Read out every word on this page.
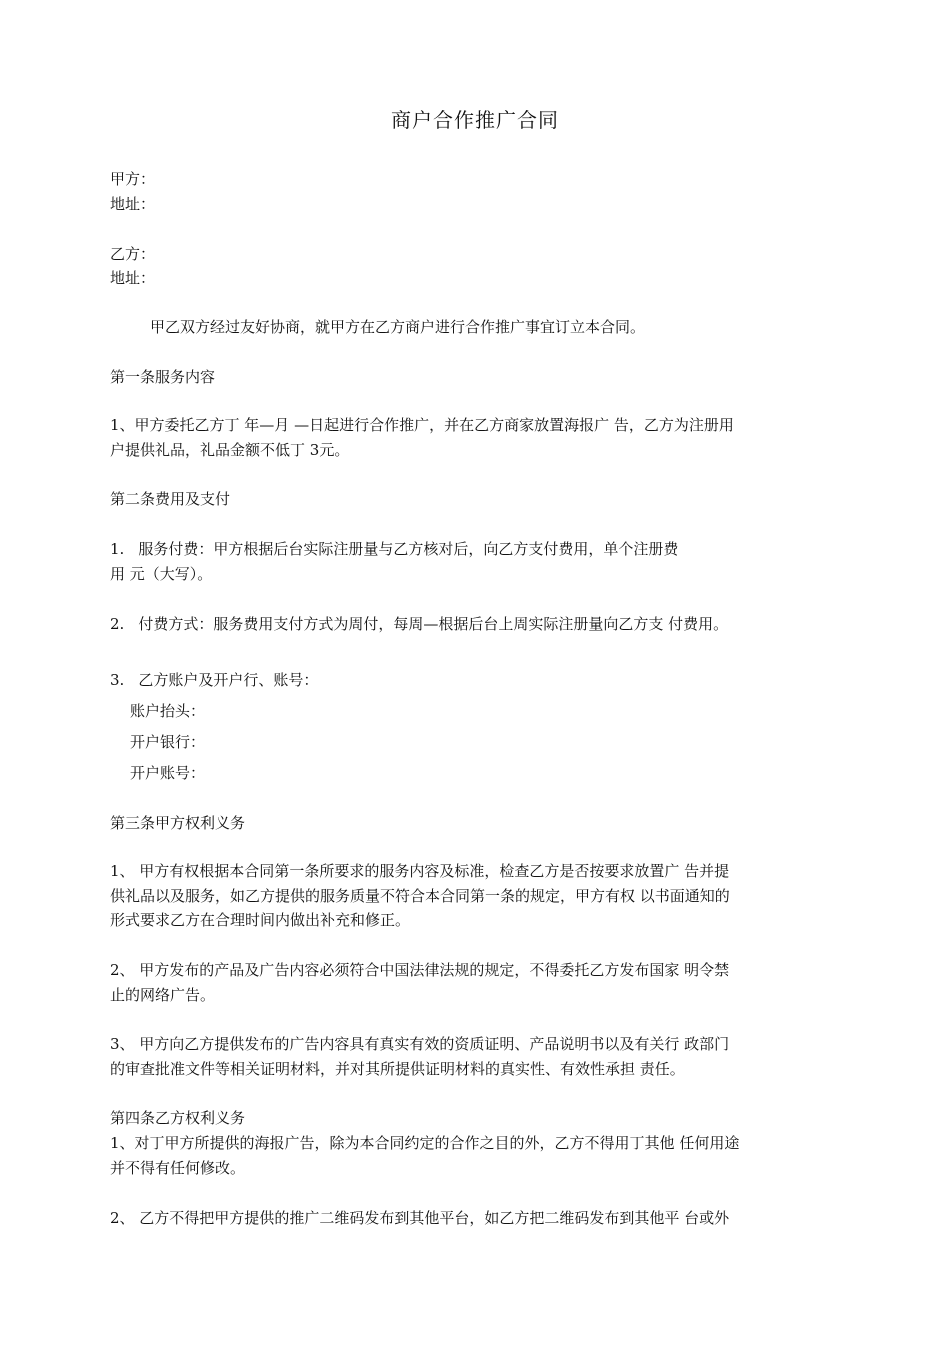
商户合作推广合同
甲方：
地址：
乙方：
地址：
甲乙双方经过友好协商，就甲方在乙方商户进行合作推广事宜订立本合同。
第一条服务内容
1、甲方委托乙方丁 年—月 —日起进行合作推广，并在乙方商家放置海报广 告，乙方为注册用
户提供礼品，礼品金额不低丁 3元。
第二条费用及支付
1. 服务付费：甲方根据后台实际注册量与乙方核对后，向乙方支付费用，单个注册费
用 元（大写）。
2. 付费方式：服务费用支付方式为周付，每周—根据后台上周实际注册量向乙方支 付费用。
3. 乙方账户及开户行、账号：
账户抬头：
开户银行：
开户账号：
第三条甲方权利义务
1、 甲方有权根据本合同第一条所要求的服务内容及标准，检查乙方是否按要求放置广 告并提
供礼品以及服务，如乙方提供的服务质量不符合本合同第一条的规定，甲方有权 以书面通知的
形式要求乙方在合理时间内做出补充和修正。
2、 甲方发布的产品及广告内容必须符合中国法律法规的规定，不得委托乙方发布国家 明令禁
止的网络广告。
3、 甲方向乙方提供发布的广告内容具有真实有效的资质证明、产品说明书以及有关行 政部门
的审查批准文件等相关证明材料，并对其所提供证明材料的真实性、有效性承担 责任。
第四条乙方权利义务
1、对丁甲方所提供的海报广告，除为本合同约定的合作之目的外，乙方不得用丁其他 任何用途
并不得有任何修改。
2、 乙方不得把甲方提供的推广二维码发布到其他平台，如乙方把二维码发布到其他平 台或外
